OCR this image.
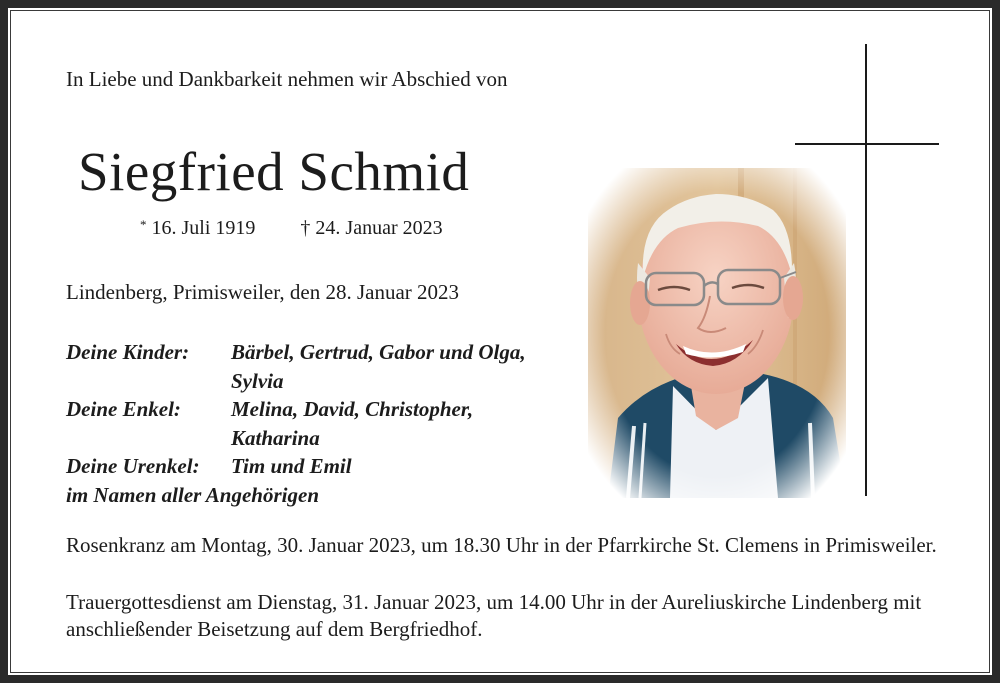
In Liebe und Dankbarkeit nehmen wir Abschied von

Siegfried Schmid
* 16. Juli 1919 † 24. Januar 2023
Lindenberg, Primisweiler, den 28. Januar 2023
Deine Kinder:	Bärbel, Gertrud, Gabor und Olga, Sylvia
Deine Enkel:	Melina, David, Christopher, Katharina
Deine Urenkel:	Tim und Emil
im Namen aller Angehörigen

Rosenkranz am Montag, 30. Januar 2023, um 18.30 Uhr in der Pfarrkirche St. Clemens in Primisweiler.

Trauergottesdienst am Dienstag, 31. Januar 2023, um 14.00 Uhr in der Aureliuskirche Lindenberg mit anschließender Beisetzung auf dem Bergfriedhof.
